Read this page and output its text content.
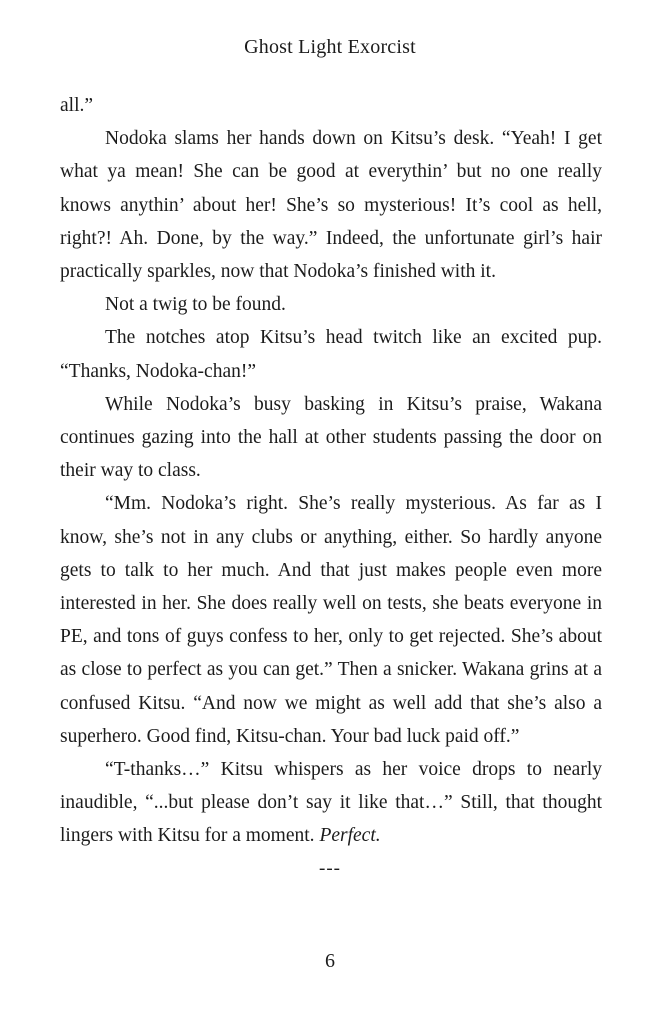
Ghost Light Exorcist

all.”

Nodoka slams her hands down on Kitsu’s desk. “Yeah! I get what ya mean! She can be good at everythin’ but no one really knows anythin’ about her! She’s so mysterious! It’s cool as hell, right?! Ah. Done, by the way.” Indeed, the unfortunate girl’s hair practically sparkles, now that Nodoka’s finished with it.

Not a twig to be found.

The notches atop Kitsu’s head twitch like an excited pup. “Thanks, Nodoka-chan!”

While Nodoka’s busy basking in Kitsu’s praise, Wakana continues gazing into the hall at other students passing the door on their way to class.

“Mm. Nodoka’s right. She’s really mysterious. As far as I know, she’s not in any clubs or anything, either. So hardly anyone gets to talk to her much. And that just makes people even more interested in her. She does really well on tests, she beats everyone in PE, and tons of guys confess to her, only to get rejected. She’s about as close to perfect as you can get.” Then a snicker. Wakana grins at a confused Kitsu. “And now we might as well add that she’s also a superhero. Good find, Kitsu-chan. Your bad luck paid off.”

“T-thanks…” Kitsu whispers as her voice drops to nearly inaudible, “...but please don’t say it like that…” Still, that thought lingers with Kitsu for a moment. Perfect.

---
6
